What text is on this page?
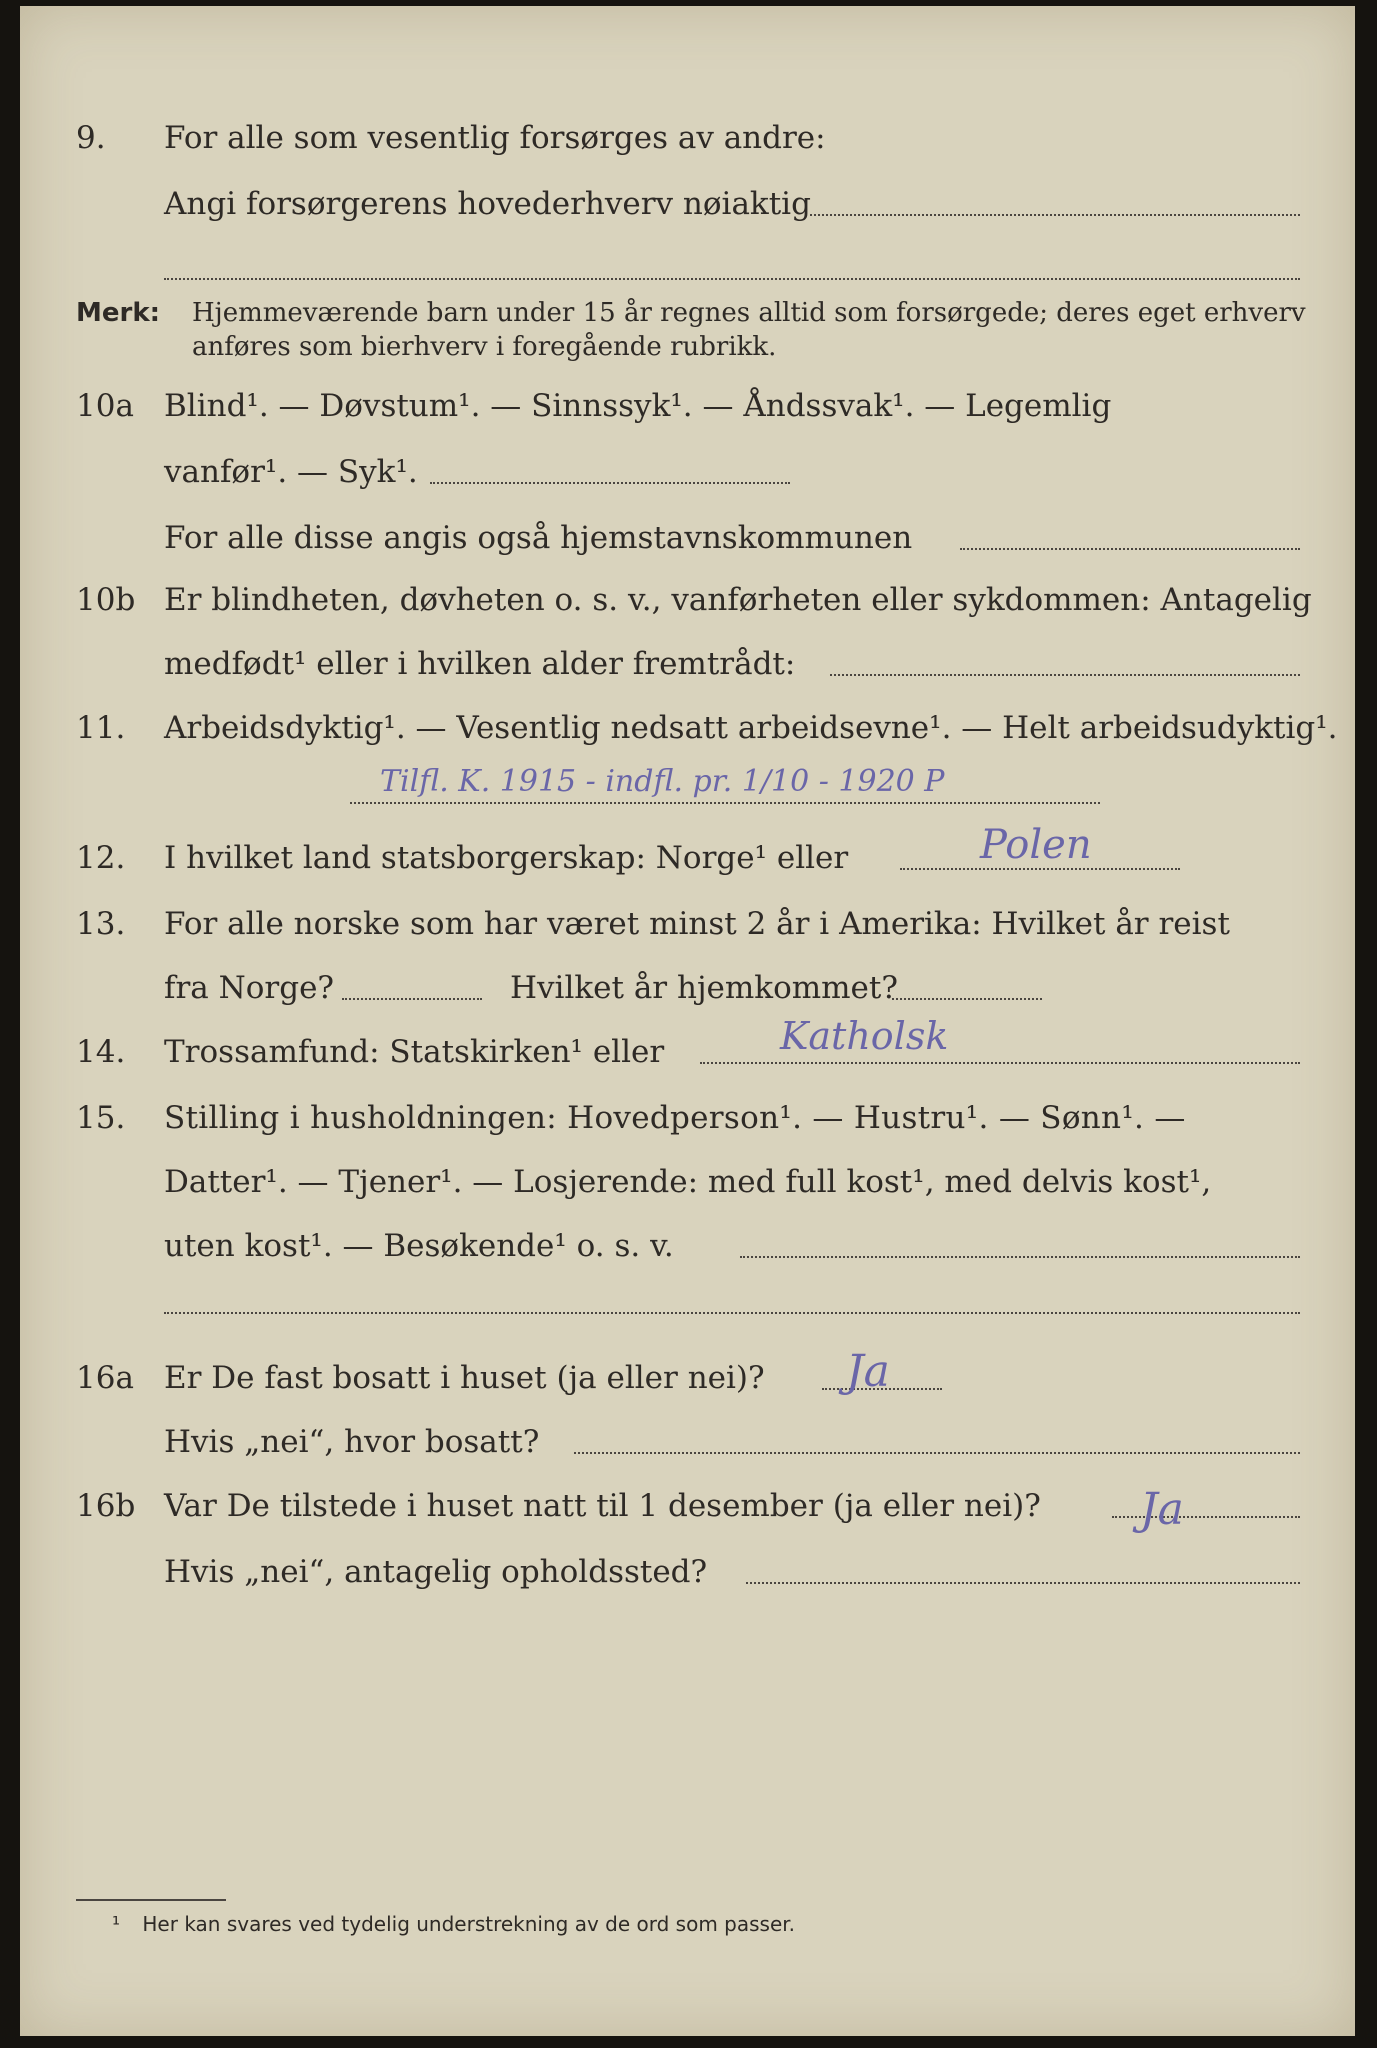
9. For alle som vesentlig forsørges av andre:
Angi forsørgerens hovederhverv nøiaktig
Merk: Hjemmeværende barn under 15 år regnes alltid som forsørgede; deres eget erhverv
anføres som bierhverv i foregående rubrikk.
10a Blind¹. — Døvstum¹. — Sinnssyk¹. — Åndssvak¹. — Legemlig
vanfør¹. — Syk¹.
For alle disse angis også hjemstavnskommunen
10b Er blindheten, døvheten o. s. v., vanførheten eller sykdommen: Antagelig
medfødt¹ eller i hvilken alder fremtrådt:
11. Arbeidsdyktig¹. — Vesentlig nedsatt arbeidsevne¹. — Helt arbeidsudyktig¹.
Tilfl. K. 1915 - indfl. pr. 1/10 - 1920 P
12. I hvilket land statsborgerskap: Norge¹ eller	Polen
13. For alle norske som har været minst 2 år i Amerika: Hvilket år reist
fra Norge?	Hvilket år hjemkommet?
14. Trossamfund: Statskirken¹ eller	Katholsk
15. Stilling i husholdningen: Hovedperson¹. — Hustru¹. — Sønn¹. —
Datter¹. — Tjener¹. — Losjerende: med full kost¹, med delvis kost¹,
uten kost¹. — Besøkende¹ o. s. v.
16a Er De fast bosatt i huset (ja eller nei)? Ja
Hvis „nei“, hvor bosatt?
16b Var De tilstede i huset natt til 1 desember (ja eller nei)? Ja
Hvis „nei“, antagelig opholdssted?
¹ Her kan svares ved tydelig understrekning av de ord som passer.
